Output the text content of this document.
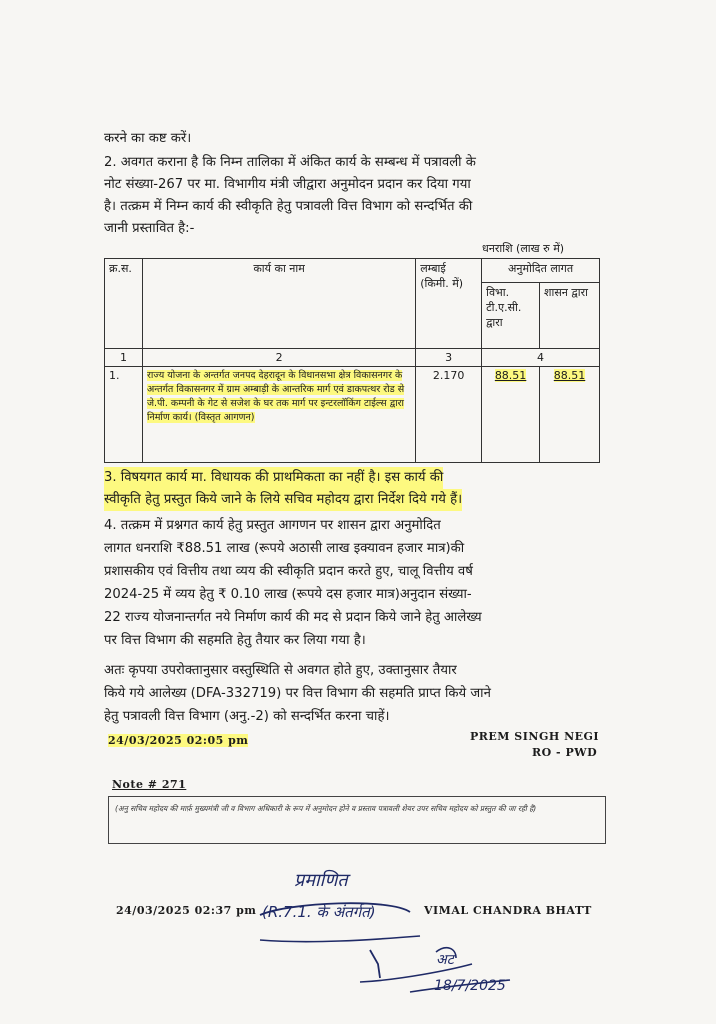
करने का कष्ट करें।
2. अवगत कराना है कि निम्न तालिका में अंकित कार्य के सम्बन्ध में पत्रावली के
नोट संख्या-267 पर मा. विभागीय मंत्री जीद्वारा अनुमोदन प्रदान कर दिया गया
है। तत्क्रम में निम्न कार्य की स्वीकृति हेतु पत्रावली वित्त विभाग को सन्दर्भित की
जानी प्रस्तावित है:-
धनराशि (लाख रु में)
क्र.स.	कार्य का नाम	लम्बाई (किमी. में)	अनुमोदित लागत	
			विभा. टी.ए.सी. द्वारा	शासन द्वारा
1	2	3	4	
1.	राज्य योजना के अन्तर्गत जनपद देहरादून के विधानसभा क्षेत्र विकासनगर के अन्तर्गत विकासनगर में ग्राम अम्बाड़ी के आन्तरिक मार्ग एवं डाकपत्थर रोड से जे.पी. कम्पनी के गेट से सजेश के घर तक मार्ग पर इन्टरलॉकिंग टाईल्स द्वारा निर्माण कार्य। (विस्तृत आगणन)	2.170	88.51	88.51
3. विषयगत कार्य मा. विधायक की प्राथमिकता का नहीं है। इस कार्य की
स्वीकृति हेतु प्रस्तुत किये जाने के लिये सचिव महोदय द्वारा निर्देश दिये गये हैं।
4. तत्क्रम में प्रश्नगत कार्य हेतु प्रस्तुत आगणन पर शासन द्वारा अनुमोदित
लागत धनराशि ₹88.51 लाख (रूपये अठासी लाख इक्यावन हजार मात्र)की
प्रशासकीय एवं वित्तीय तथा व्यय की स्वीकृति प्रदान करते हुए, चालू वित्तीय वर्ष
2024-25 में व्यय हेतु ₹ 0.10 लाख (रूपये दस हजार मात्र)अनुदान संख्या-
22 राज्य योजनान्तर्गत नये निर्माण कार्य की मद से प्रदान किये जाने हेतु आलेख्य
पर वित्त विभाग की सहमति हेतु तैयार कर लिया गया है।
अतः कृपया उपरोक्तानुसार वस्तुस्थिति से अवगत होते हुए, उक्तानुसार तैयार
किये गये आलेख्य (DFA-332719) पर वित्त विभाग की सहमति प्राप्त किये जाने
हेतु पत्रावली वित्त विभाग (अनु.-2) को सन्दर्भित करना चाहें।
24/03/2025 02:05 pm	PREM SINGH NEGI
RO - PWD
Note # 271
(अनु सचिव महोदय की मार्फ़ मुख्यमंत्री जी व विभाग अधिकारी के रूप में अनुमोदन होने व प्रस्ताव पत्रावली शेयर उपर सचिव महोदय को प्रस्तुत की जा रही है)
24/03/2025 02:37 pm	VIMAL CHANDRA BHATT
प्रमाणित
(R.7.1. के अंतर्गत)
अट
18/7/2025
